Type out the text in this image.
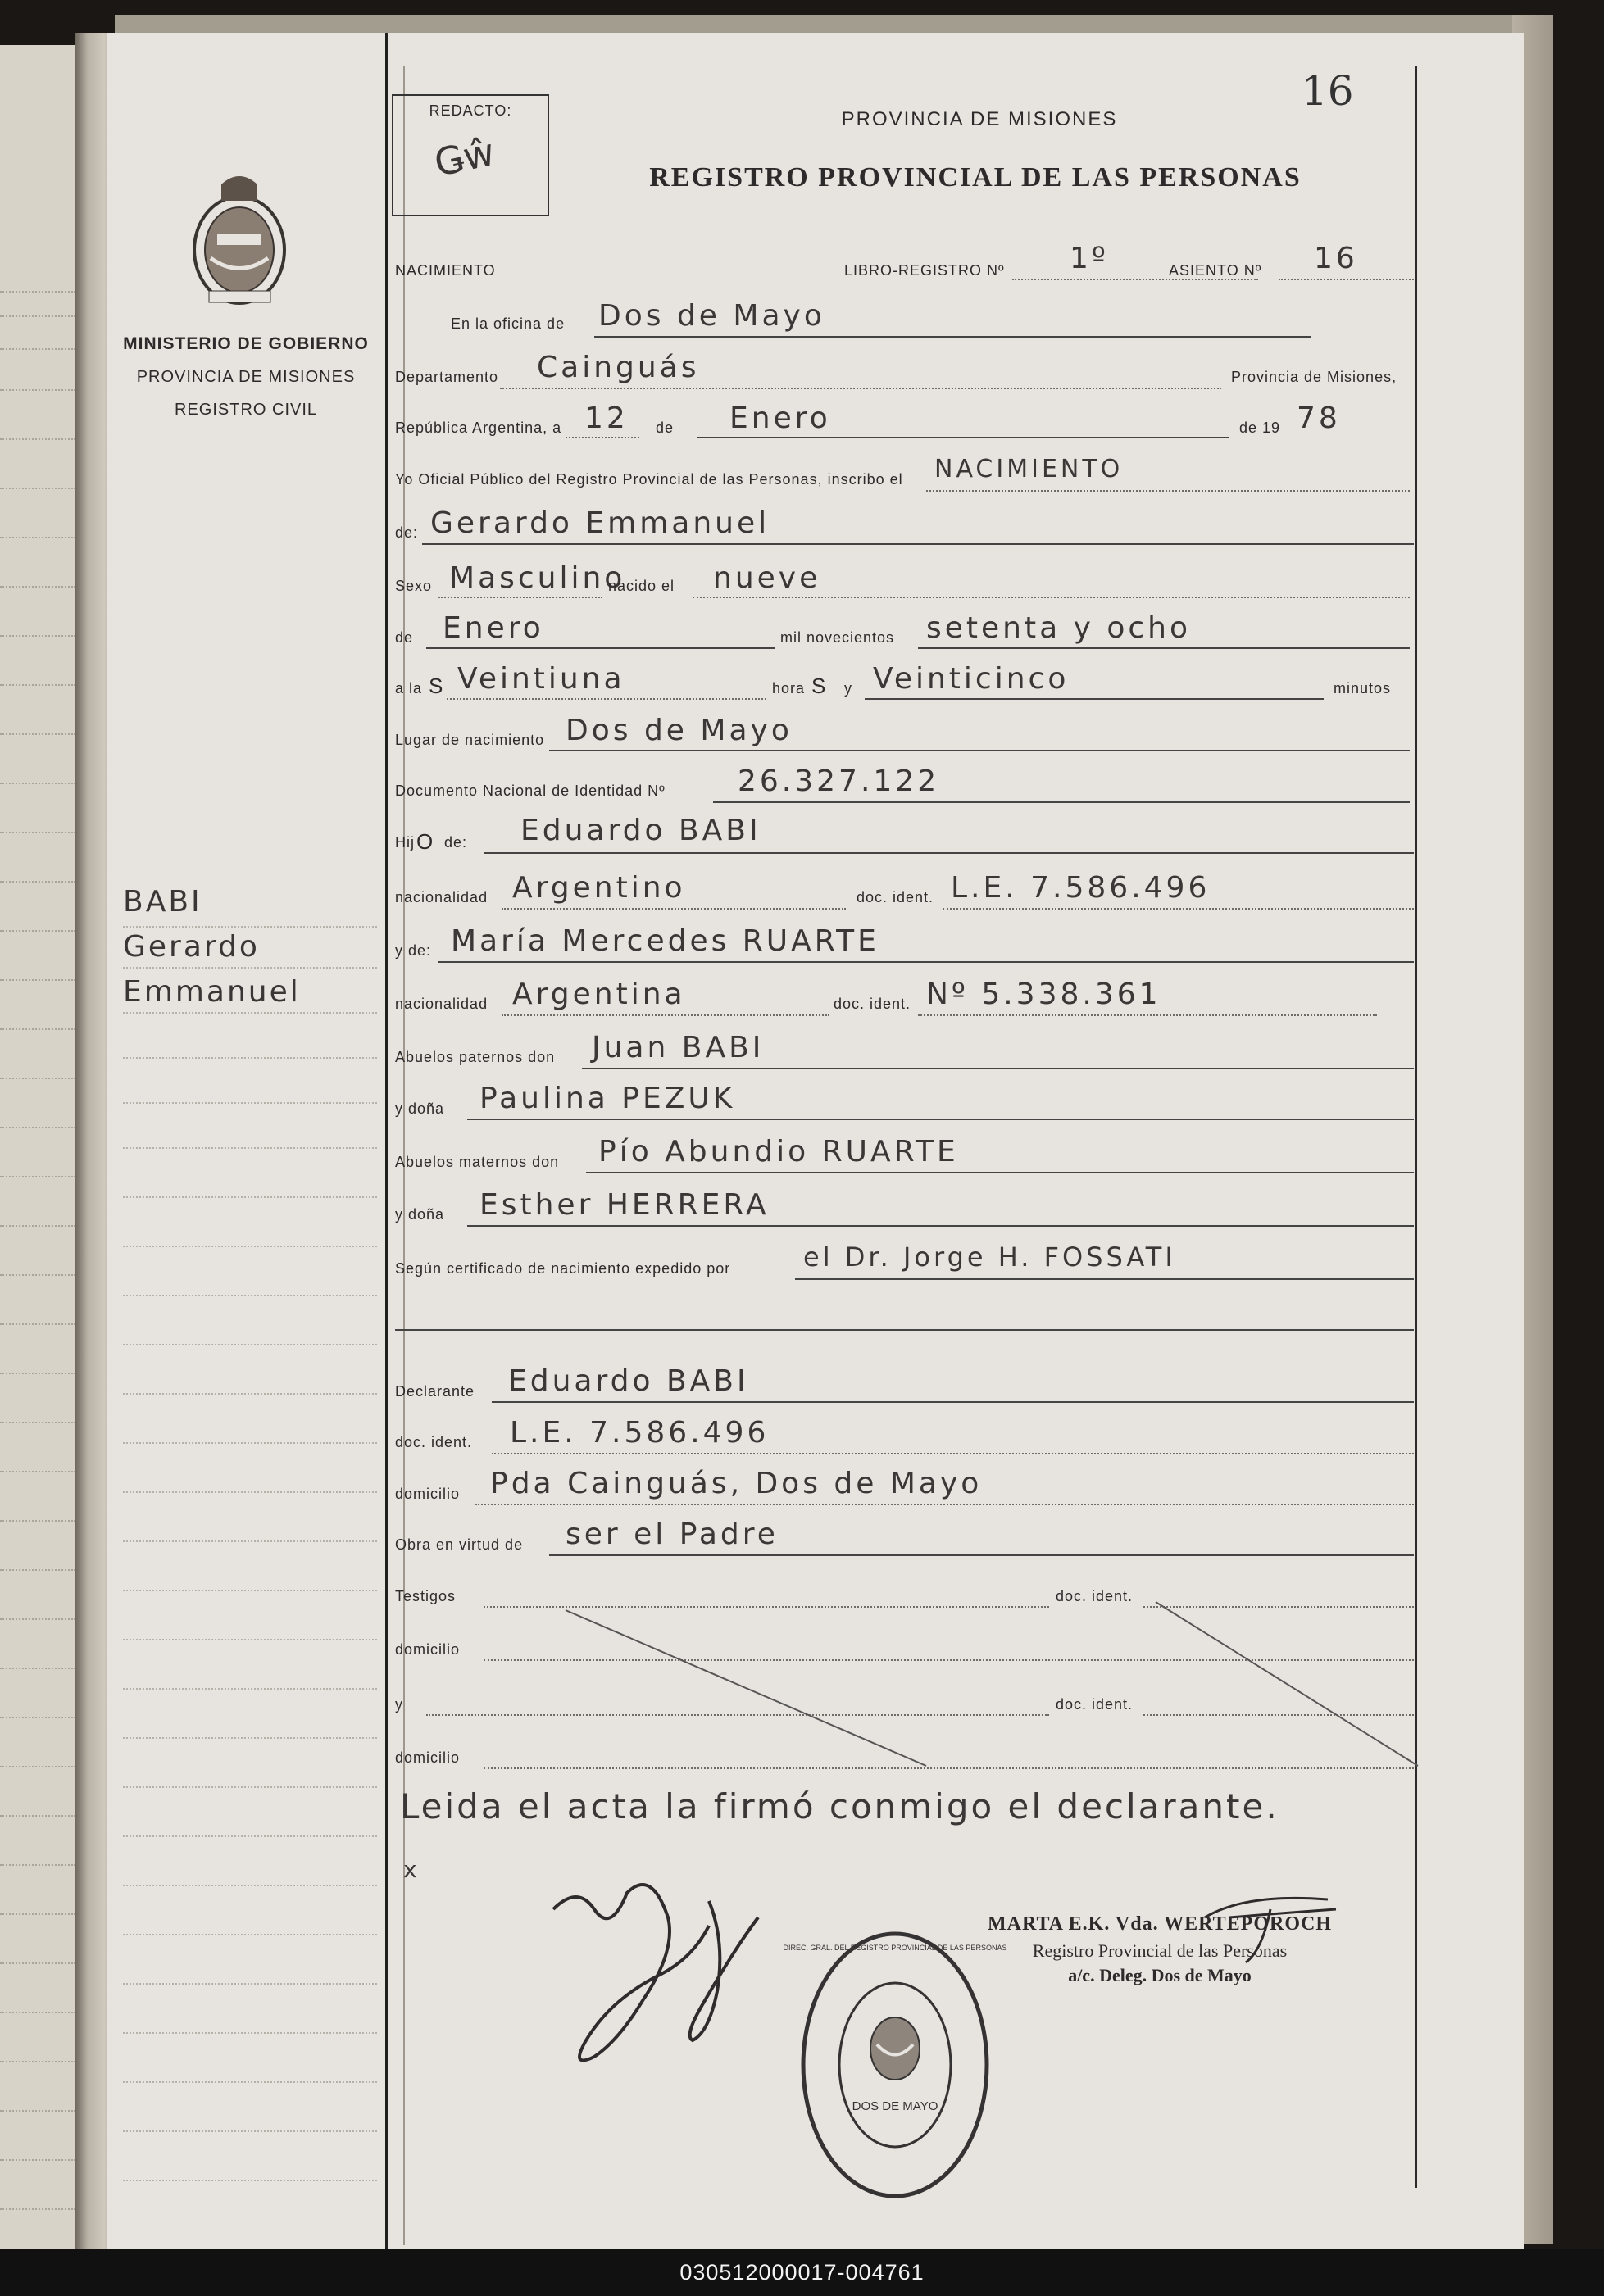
MINISTERIO DE GOBIERNO
PROVINCIA DE MISIONES
REGISTRO CIVIL
BABI
Gerardo
Emmanuel
16
REDACTO:
Ǥŵ
PROVINCIA DE MISIONES
REGISTRO PROVINCIAL DE LAS PERSONAS
NACIMIENTO	LIBRO-REGISTRO Nº 1º	ASIENTO Nº 16
En la oficina de Dos de Mayo
Departamento Cainguás	Provincia de Misiones,
República Argentina, a 12 de Enero	de 19 78
Yo Oficial Público del Registro Provincial de las Personas, inscribo el NACIMIENTO
de: Gerardo Emmanuel
Sexo Masculino
nacido el nueve
de Enero	mil novecientos setenta y ocho
a la S Veintiuna	hora S y Veinticinco	minutos
Lugar de nacimiento Dos de Mayo
Documento Nacional de Identidad Nº 26.327.122
Hij O de: Eduardo BABI
nacionalidad Argentino	doc. ident. L.E. 7.586.496
y de: María Mercedes RUARTE
nacionalidad Argentina	doc. ident. Nº 5.338.361
Abuelos paternos don Juan BABI
y doña Paulina PEZUK
Abuelos maternos don Pío Abundio RUARTE
y doña Esther HERRERA
Según certificado de nacimiento expedido por	el Dr. Jorge H. FOSSATI
Declarante Eduardo BABI
doc. ident. L.E. 7.586.496
domicilio Pda Cainguás, Dos de Mayo
Obra en virtud de ser el Padre
Testigos	doc. ident.
domicilio
y	doc. ident.
domicilio
Leida el acta la firmó conmigo el declarante.
x
DOS DE MAYO
DIREC. GRAL. DEL REGISTRO PROVINCIAL DE LAS PERSONAS
MARTA E.K. Vda. WERTEPOROCH
Registro Provincial de las Personas
a/c. Deleg. Dos de Mayo
030512000017-004761
